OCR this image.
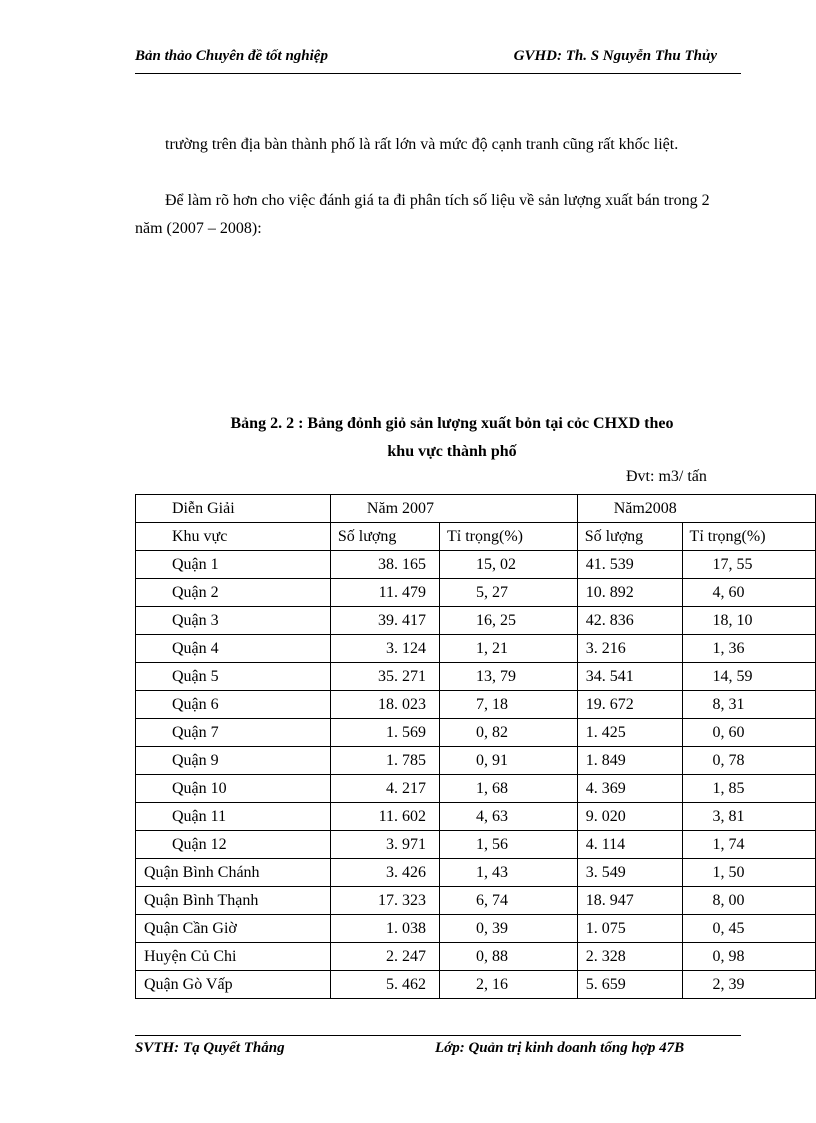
Bản thảo Chuyên đề tốt nghiệp	GVHD: Th. S Nguyễn Thu Thủy
trường trên địa bàn thành phố là rất lớn và mức độ cạnh tranh cũng rất khốc liệt.
Để làm rõ hơn cho việc đánh giá ta đi phân tích số liệu về sản lượng xuất bán trong 2 năm (2007 – 2008):
Bảng 2. 2 : Bảng đỏnh giỏ sản lượng xuất bỏn tại cỏc CHXD theo
khu vực thành phố
Đvt: m3/ tấn
Diễn Giải	Năm 2007		Năm2008	
Khu vực	Số lượng	Tỉ trọng(%)	Số lượng	Tỉ trọng(%)
Quận 1	38. 165	15, 02	41. 539	17, 55
Quận 2	11. 479	5, 27	10. 892	4, 60
Quận 3	39. 417	16, 25	42. 836	18, 10
Quận 4	3. 124	1, 21	3. 216	1, 36
Quận 5	35. 271	13, 79	34. 541	14, 59
Quận 6	18. 023	7, 18	19. 672	8, 31
Quận 7	1. 569	0, 82	1. 425	0, 60
Quận 9	1. 785	0, 91	1. 849	0, 78
Quận 10	4. 217	1, 68	4. 369	1, 85
Quận 11	11. 602	4, 63	9. 020	3, 81
Quận 12	3. 971	1, 56	4. 114	1, 74
Quận Bình Chánh	3. 426	1, 43	3. 549	1, 50
Quận Bình Thạnh	17. 323	6, 74	18. 947	8, 00
Quận Cần Giờ	1. 038	0, 39	1. 075	0, 45
Huyện Củ Chi	2. 247	0, 88	2. 328	0, 98
Quận Gò Vấp	5. 462	2, 16	5. 659	2, 39
SVTH: Tạ Quyết Thắng	Lớp: Quản trị kinh doanh tổng hợp 47B
